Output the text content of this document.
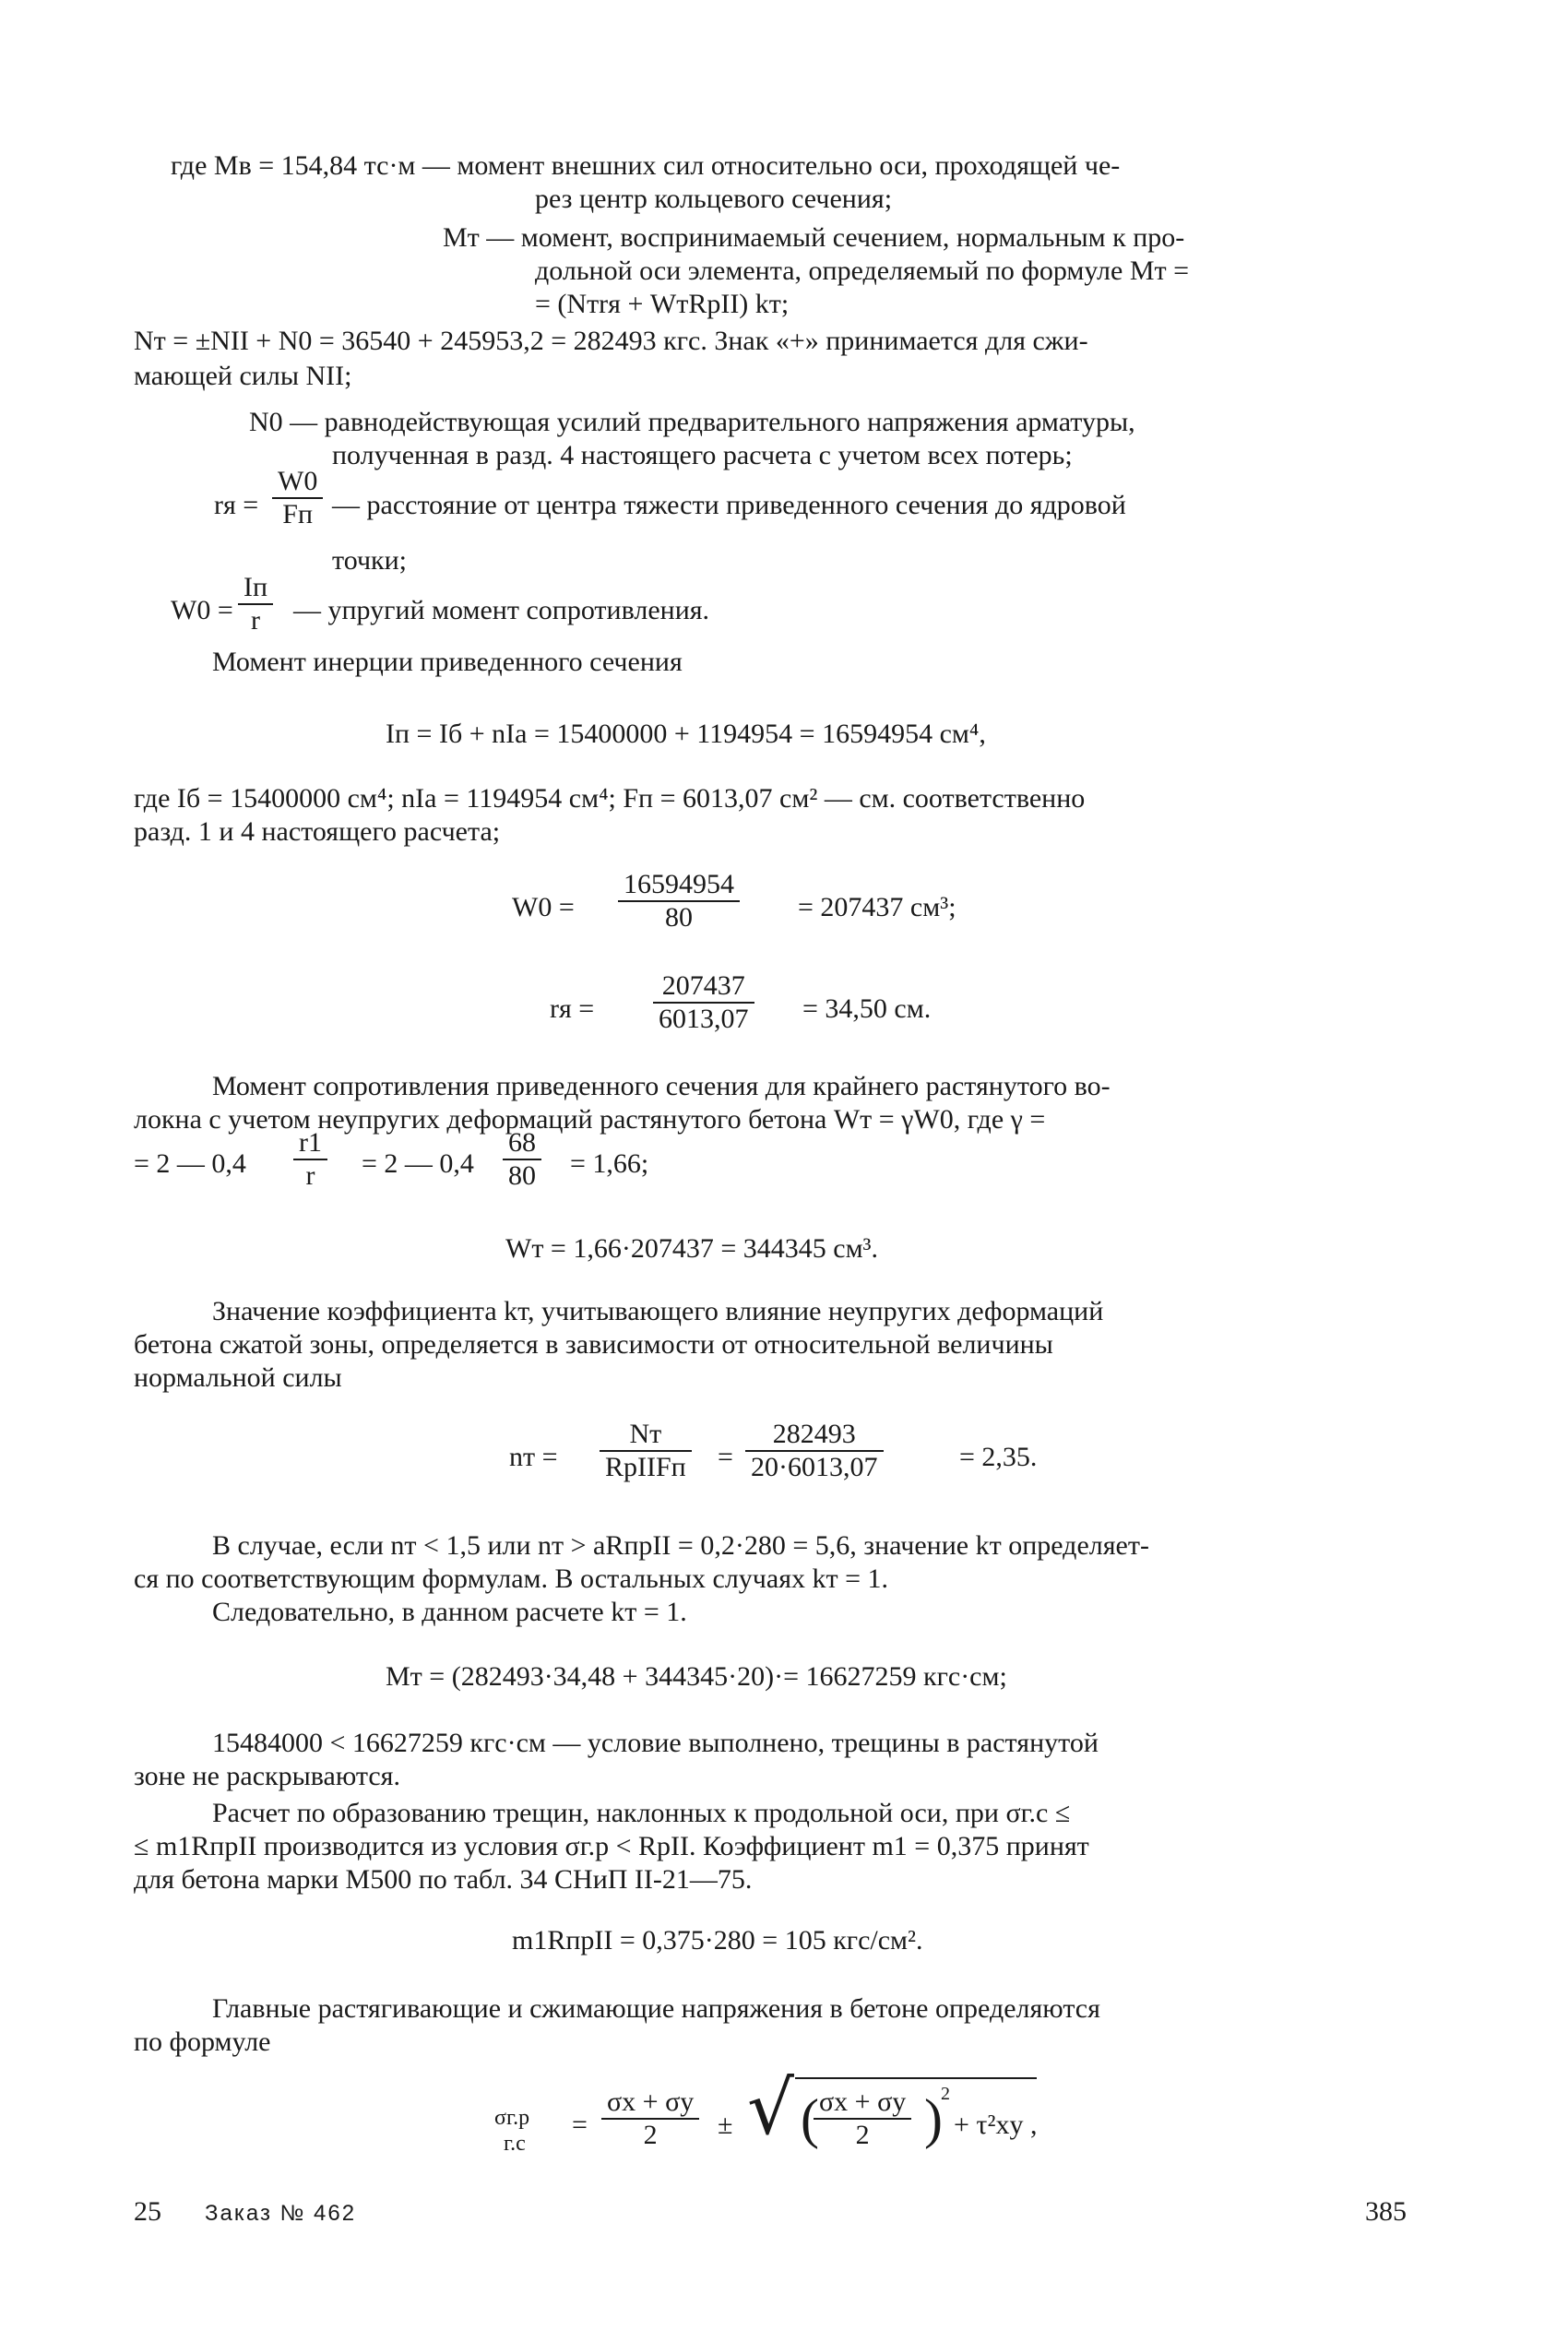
где Mв = 154,84 тс·м — момент внешних сил относительно оси, проходящей че-

рез центр кольцевого сечения;

Mт — момент, воспринимаемый сечением, нормальным к про-

дольной оси элемента, определяемый по формуле Mт =

= (Nтrя + WтRpII) kт;

Nт = ±NII + N0 = 36540 + 245953,2 = 282493 кгс. Знак «+» принимается для сжи-

мающей силы NII;

N0 — равнодействующая усилий предварительного напряжения арматуры,

полученная в разд. 4 настоящего расчета с учетом всех потерь;

rя =

W0
Fп — расстояние от центра тяжести приведенного сечения до ядровой

точки;

W0 =

Iп
r	— упругий момент сопротивления.

Момент инерции приведенного сечения

Iп = Iб + nIа = 15400000 + 1194954 = 16594954 см⁴,

где Iб = 15400000 см⁴; nIа = 1194954 см⁴; Fп = 6013,07 см² — см. соответственно

разд. 1 и 4 настоящего расчета;

$W0 = \frac{16594954}{80} = 207437$ см³;

rя = $\frac{207437}{6013,07} = 34,50$ см.

Момент сопротивления приведенного сечения для крайнего растянутого во-

локна с учетом неупругих деформаций растянутого бетона Wт = γW0, где γ =

= 2 — $0,4 \frac{r1}{r} = 2$ — $0,4 \frac{68}{80} = 1,66$;

Wт = 1,66·207437 = 344345 см³.

Значение коэффициента kт, учитывающего влияние неупругих деформаций

бетона сжатой зоны, определяется в зависимости от относительной величины

нормальной силы

nт =

Nт
RpIIFп = $\frac{282493}{20\cdot 6013,07}$	= 2,35.

В случае, если nт < 1,5 или nт > aRпрII = 0,2·280 = 5,6, значение kт определяет-

ся по соответствующим формулам. В остальных случаях kт = 1.

Следовательно, в данном расчете kт = 1.

Mт = (282493·34,48 + 344345·20)·= 16627259 кгс·см;

15484000 < 16627259 кгс·см — условие выполнено, трещины в растянутой

зоне не раскрываются.

Расчет по образованию трещин, наклонных к продольной оси, при σг.с ≤

≤ m1RпрII производится из условия σг.р < RpII. Коэффициент m1 = 0,375 принят

для бетона марки М500 по табл. 34 СНиП II-21—75.

m1RпрII = 0,375·280 = 105 кгс/см².

Главные растягивающие и сжимающие напряжения в бетоне определяются

по формуле

σг.р

г.с

= $\frac{\sigma x + \sigma y}{2}$ ± √ (
$\frac{\sigma x + \sigma y}{2}$ )
2

+ τ²xy ,

25 Заказ № 462	385
